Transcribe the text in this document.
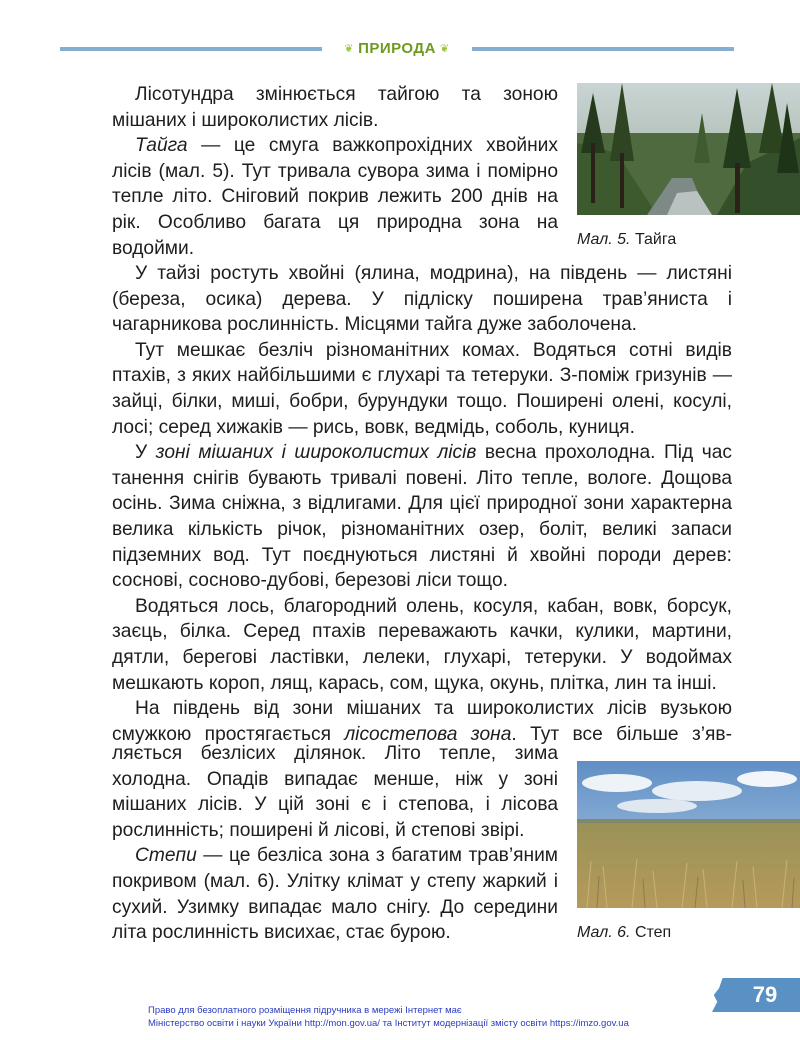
❦ ПРИРОДА ❦

Лісотундра змінюється тайгою та зоною мішаних і широколистих лісів.

Тайга — це смуга важкопрохідних хвойних лісів (мал. 5). Тут тривала сувора зима і помірно тепле літо. Сніговий покрив лежить 200 днів на рік. Особливо багата ця природна зона на водойми.	Мал. 5. Тайга

У тайзі ростуть хвойні (ялина, модрина), на південь — листяні (береза, осика) дерева. У підліску поширена трав’яниста і чагарникова рослинність. Місцями тайга дуже заболочена.

Тут мешкає безліч різноманітних комах. Водяться сотні видів птахів, з яких найбільшими є глухарі та тетеруки. З-поміж гризунів — зайці, білки, миші, бобри, бурундуки тощо. Поширені олені, косулі, лосі; серед хижаків — рись, вовк, ведмідь, соболь, куниця.

У зоні мішаних і широколистих лісів весна прохолодна. Під час танення снігів бувають тривалі повені. Літо тепле, вологе. Дощова осінь. Зима сніжна, з відлигами. Для цієї природної зони характерна велика кількість річок, різноманітних озер, боліт, великі запаси підземних вод. Тут поєднуються листяні й хвойні породи дерев: соснові, сосново-дубові, березові ліси тощо.

Водяться лось, благородний олень, косуля, кабан, вовк, борсук, заєць, білка. Серед птахів переважають качки, кулики, мартини, дятли, берегові ластівки, лелеки, глухарі, тетеруки. У водоймах мешкають короп, лящ, карась, сом, щука, окунь, плітка, лин та інші.

На південь від зони мішаних та широколистих лісів вузькою

смужкою простягається лісостепова зона. Тут все більше з’яв-

ляється безлісих ділянок. Літо тепле, зима холодна. Опадів випадає менше, ніж у зоні мішаних лісів. У цій зоні є і степова, і лісова рослинність; поширені й лісові, й степові звірі.

Степи — це безліса зона з багатим трав’яним покривом (мал. 6). Улітку клімат у степу жаркий і сухий. Узимку випадає мало снігу. До середини літа рослинність висихає, стає бурою.	Мал. 6. Степ
79
Право для безоплатного розміщення підручника в мережі Інтернет має
Міністерство освіти і науки України http://mon.gov.ua/ та Інститут модернізації змісту освіти https://imzo.gov.ua
